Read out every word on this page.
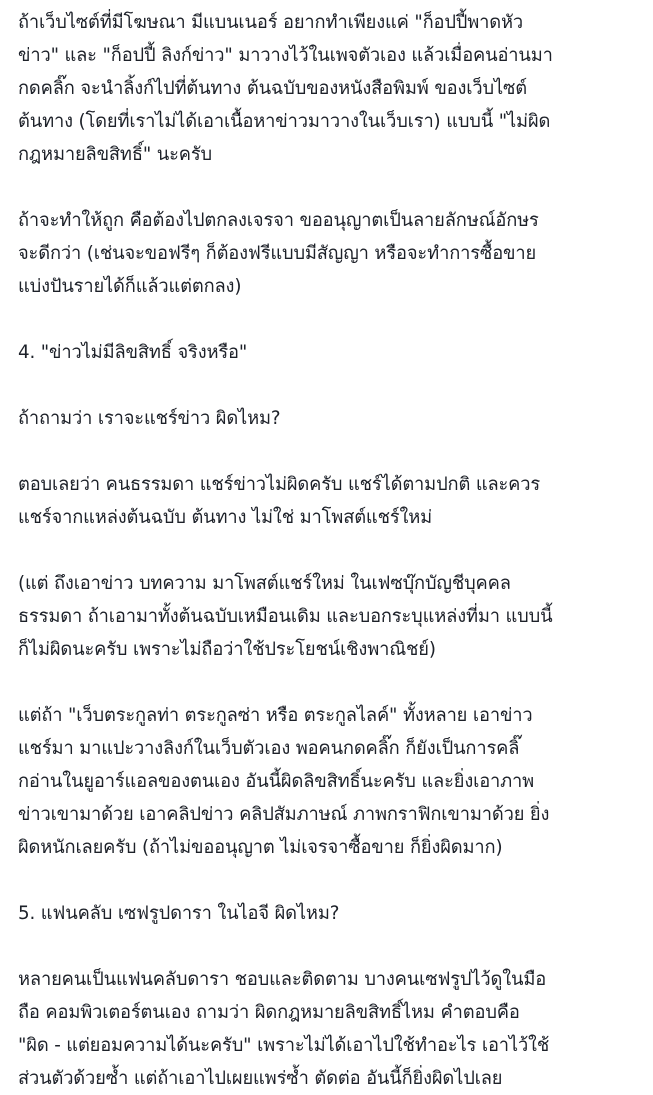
ถ้าเว็บไซต์ที่มีโฆษณา มีแบนเนอร์ อยากทำเพียงแค่ "ก็อปปี้พาดหัว
ข่าว" และ "ก็อปปี้ ลิงก์ข่าว" มาวางไว้ในเพจตัวเอง แล้วเมื่อคนอ่านมา
กดคลิ๊ก จะนำลิ้งก์ไปที่ต้นทาง ต้นฉบับของหนังสือพิมพ์ ของเว็บไซต์
ต้นทาง (โดยที่เราไม่ได้เอาเนื้อหาข่าวมาวางในเว็บเรา) แบบนี้ "ไม่ผิด
กฎหมายลิขสิทธิ์" นะครับ
ถ้าจะทำให้ถูก คือต้องไปตกลงเจรจา ขออนุญาตเป็นลายลักษณ์อักษร
จะดีกว่า (เช่นจะขอฟรีๆ ก็ต้องฟรีแบบมีสัญญา หรือจะทำการซื้อขาย
แบ่งปันรายได้ก็แล้วแต่ตกลง)
4. "ข่าวไม่มีลิขสิทธิ์ จริงหรือ"
ถ้าถามว่า เราจะแชร์ข่าว ผิดไหม?
ตอบเลยว่า คนธรรมดา แชร์ข่าวไม่ผิดครับ แชร์ได้ตามปกติ และควร
แชร์จากแหล่งต้นฉบับ ต้นทาง ไม่ใช่ มาโพสต์แชร์ใหม่
(แต่ ถึงเอาข่าว บทความ มาโพสต์แชร์ใหม่ ในเฟซบุ๊กบัญชีบุคคล
ธรรมดา ถ้าเอามาทั้งต้นฉบับเหมือนเดิม และบอกระบุแหล่งที่มา แบบนี้
ก็ไม่ผิดนะครับ เพราะไม่ถือว่าใช้ประโยชน์เชิงพาณิชย์)
แต่ถ้า "เว็บตระกูลท่า ตระกูลซ่า หรือ ตระกูลไลค์" ทั้งหลาย เอาข่าว
แชร์มา มาแปะวางลิงก์ในเว็บตัวเอง พอคนกดคลิ๊ก ก็ยังเป็นการคลิ๊
กอ่านในยูอาร์แอลของตนเอง อันนี้ผิดลิขสิทธิ์นะครับ และยิ่งเอาภาพ
ข่าวเขามาด้วย เอาคลิปข่าว คลิปสัมภาษณ์ ภาพกราฟิกเขามาด้วย ยิ่ง
ผิดหนักเลยครับ (ถ้าไม่ขออนุญาต ไม่เจรจาซื้อขาย ก็ยิ่งผิดมาก)
5. แฟนคลับ เซฟรูปดารา ในไอจี ผิดไหม?
หลายคนเป็นแฟนคลับดารา ชอบและติดตาม บางคนเซฟรูปไว้ดูในมือ
ถือ คอมพิวเตอร์ตนเอง ถามว่า ผิดกฎหมายลิขสิทธิ์ไหม คำตอบคือ
"ผิด - แต่ยอมความได้นะครับ" เพราะไม่ได้เอาไปใช้ทำอะไร เอาไว้ใช้
ส่วนตัวด้วยซ้ำ แต่ถ้าเอาไปเผยแพร่ซ้ำ ตัดต่อ อันนี้ก็ยิ่งผิดไปเลย
